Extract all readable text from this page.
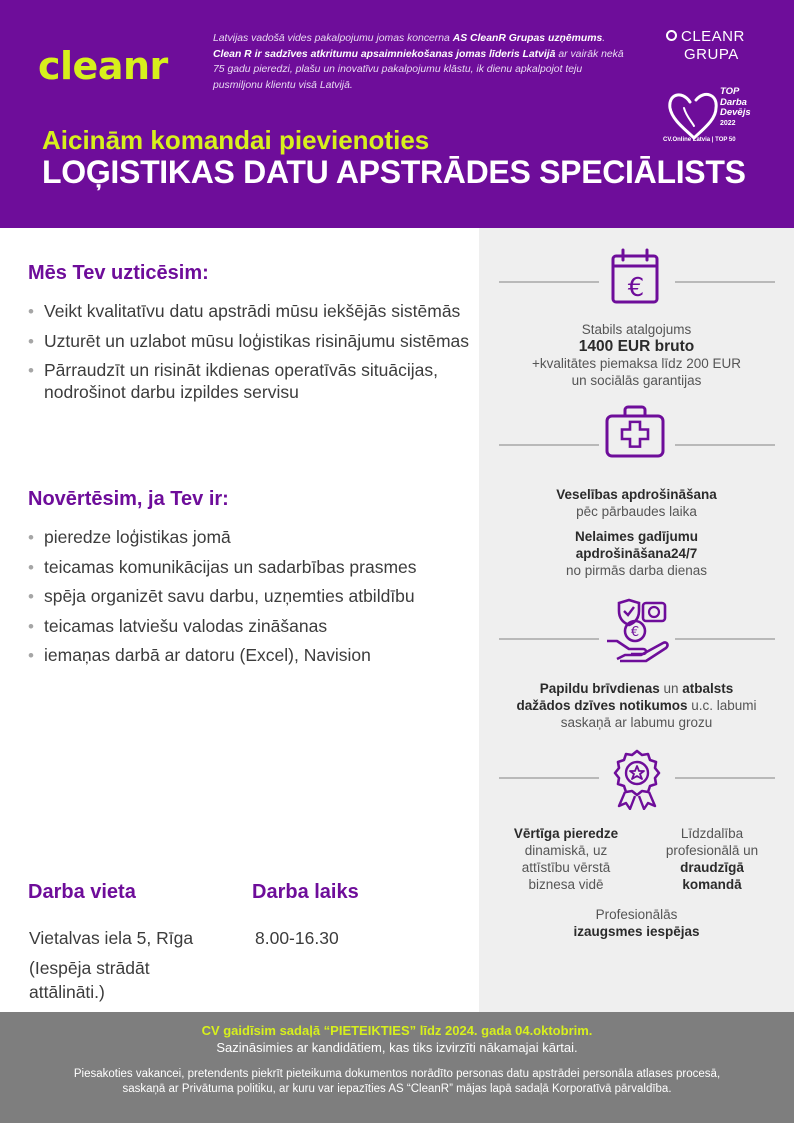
cleanr
Latvijas vadošā vides pakalpojumu jomas koncerna AS CleanR Grupas uzņēmums. Clean R ir sadzīves atkritumu apsaimniekošanas jomas līderis Latvijā ar vairāk nekā 75 gadu pieredzi, plašu un inovatīvu pakalpojumu klāstu, ik dienu apkalpojot teju pusmiljonu klientu visā Latvijā.
CLEANR
GRUPA
TOP
Darba
Devējs
2022
CV.Online Latvia | TOP 50
Aicinām komandai pievienoties
LOĢISTIKAS DATU APSTRĀDES SPECIĀLISTS
Mēs Tev uzticēsim:
• Veikt kvalitatīvu datu apstrādi mūsu iekšējās sistēmās
• Uzturēt un uzlabot mūsu loģistikas risinājumu sistēmas
• Pārraudzīt un risināt ikdienas operatīvās situācijas, nodrošinot darbu izpildes servisu
Novērtēsim, ja Tev ir:
• pieredze loģistikas jomā
• teicamas komunikācijas un sadarbības prasmes
• spēja organizēt savu darbu, uzņemties atbildību
• teicamas latviešu valodas zināšanas
• iemaņas darbā ar datoru (Excel), Navision
Darba vieta
Vietalvas iela 5, Rīga
(Iespēja strādāt attālināti.)
Darba laiks
8.00-16.30
€
Stabils atalgojums
1400 EUR bruto
+kvalitātes piemaksa līdz 200 EUR
un sociālās garantijas
Veselības apdrošināšana
pēc pārbaudes laika
Nelaimes gadījumu
apdrošināšana24/7
no pirmās darba dienas
€
Papildu brīvdienas un atbalsts
dažādos dzīves notikumos u.c. labumi
saskaņā ar labumu grozu
Vērtīga pieredze
dinamiskā, uz
attīstību vērstā
biznesa vidē
Līdzdalība
profesionālā un
draudzīgā
komandā
Profesionālās
izaugsmes iespējas
CV gaidīsim sadaļā “PIETEIKTIES” līdz 2024. gada 04.oktobrim.
Sazināsimies ar kandidātiem, kas tiks izvirzīti nākamajai kārtai.
Piesakoties vakancei, pretendents piekrīt pieteikuma dokumentos norādīto personas datu apstrādei personāla atlases procesā, saskaņā ar Privātuma politiku, ar kuru var iepazīties AS “CleanR” mājas lapā sadaļā Korporatīvā pārvaldība.
